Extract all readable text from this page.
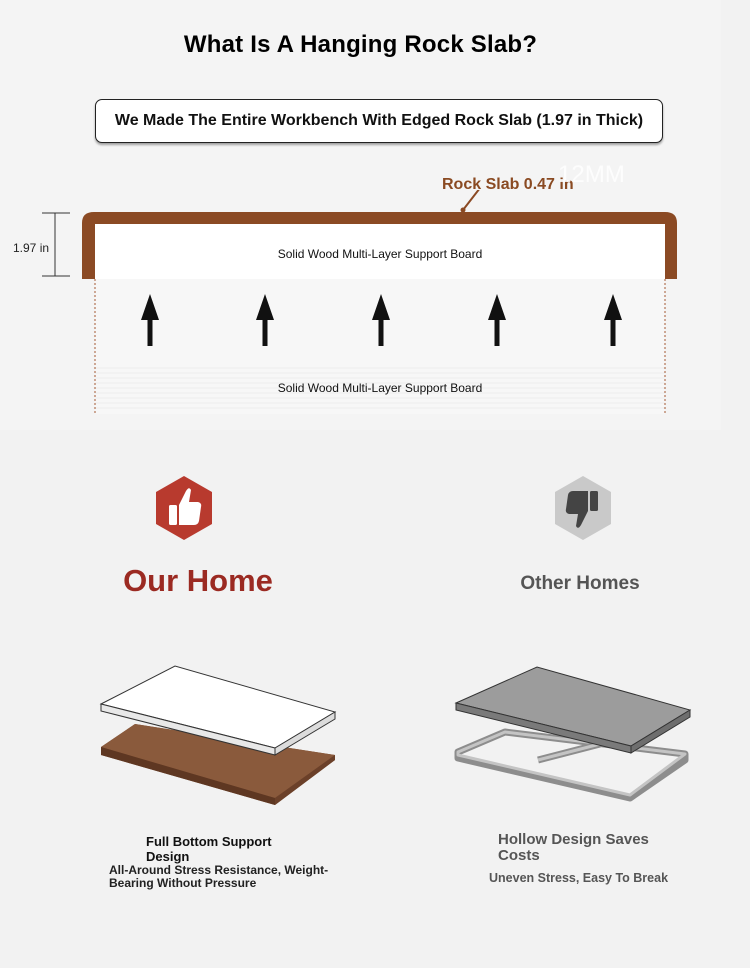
What Is A Hanging Rock Slab?
We Made The Entire Workbench With Edged Rock Slab (1.97 in Thick)
Rock Slab 0.47 in
12MM
1.97 in	Solid Wood Multi-Layer Support Board
Solid Wood Multi-Layer Support Board
Our Home	Other Homes
Full Bottom Support Design
All-Around Stress Resistance, Weight-Bearing Without Pressure
Hollow Design Saves Costs
Uneven Stress, Easy To Break
